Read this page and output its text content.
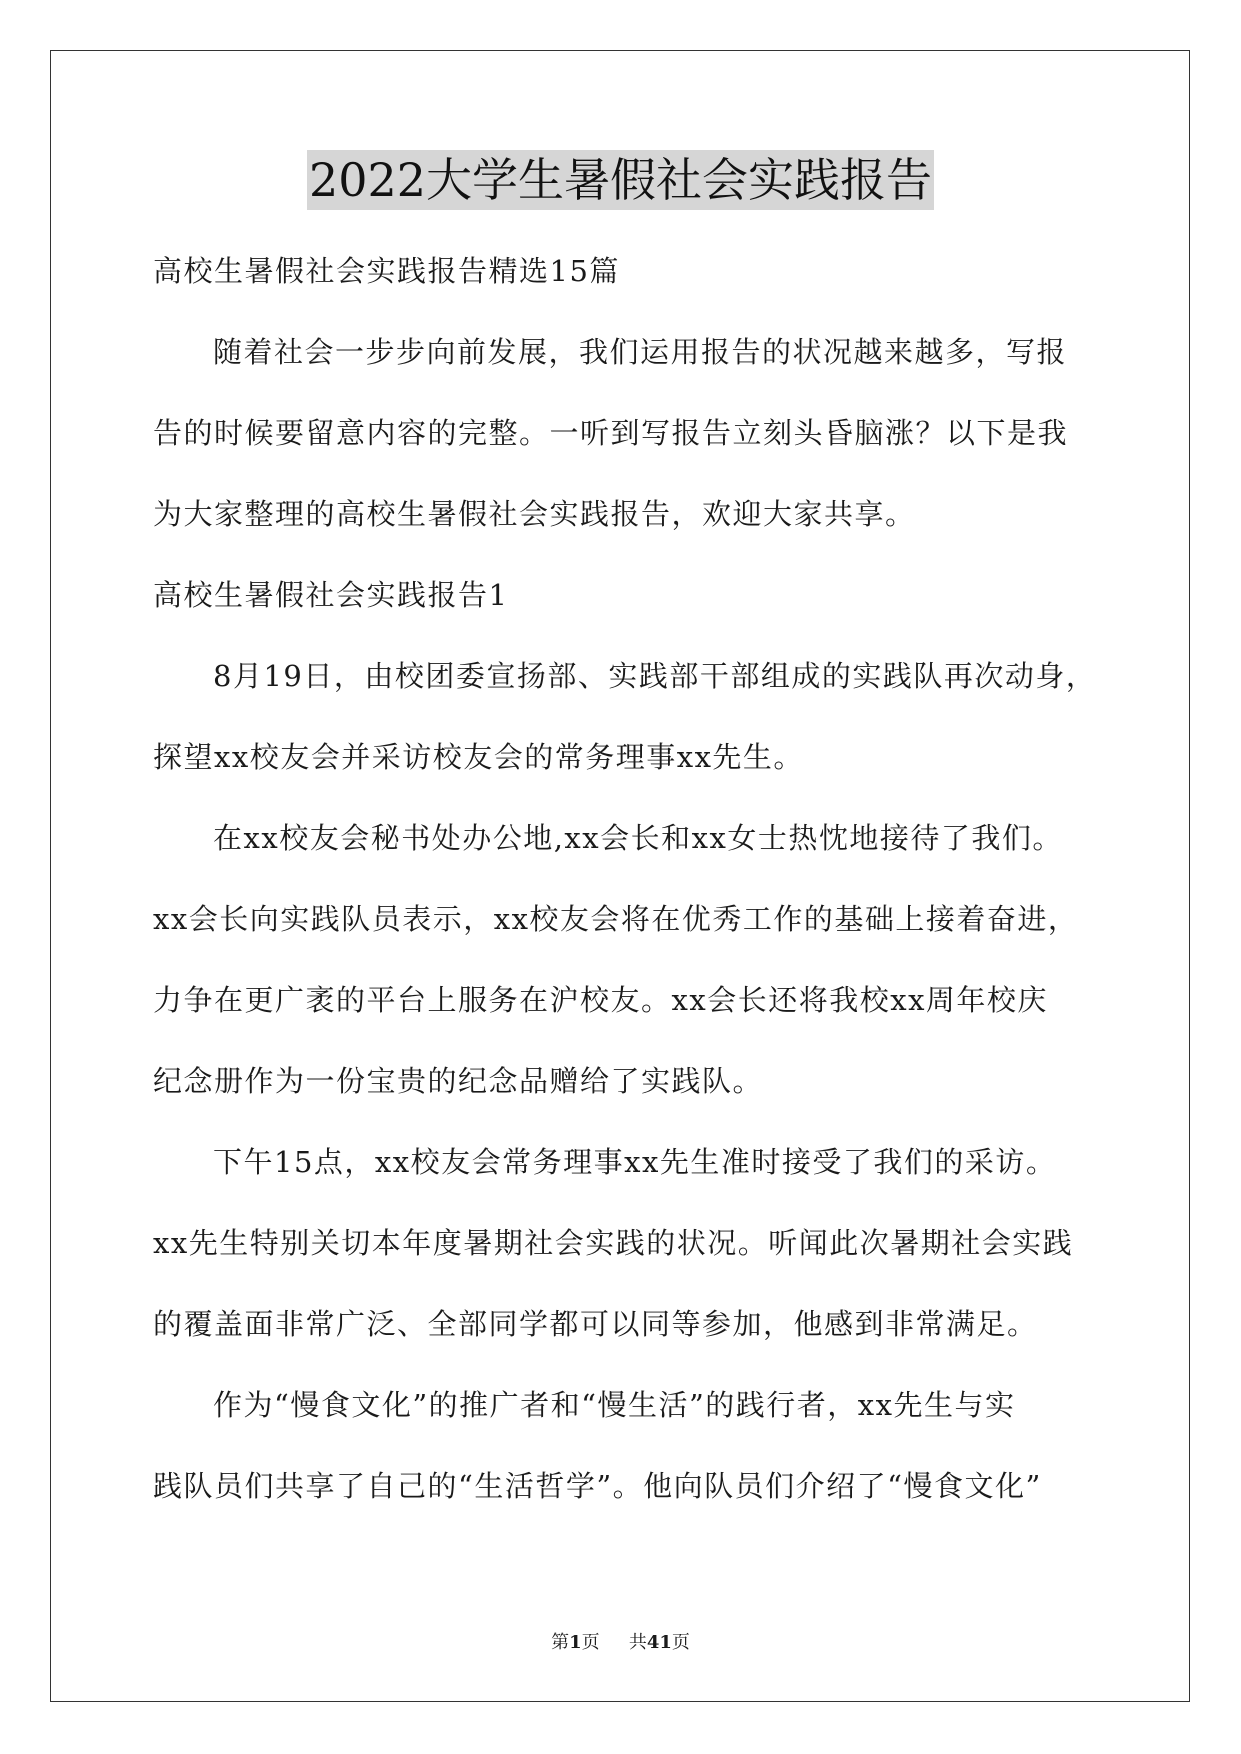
2022大学生暑假社会实践报告
高校生暑假社会实践报告精选15篇
随着社会一步步向前发展，我们运用报告的状况越来越多，写报
告的时候要留意内容的完整。一听到写报告立刻头昏脑涨？以下是我
为大家整理的高校生暑假社会实践报告，欢迎大家共享。
高校生暑假社会实践报告1
8月19日，由校团委宣扬部、实践部干部组成的实践队再次动身，
探望xx校友会并采访校友会的常务理事xx先生。
在xx校友会秘书处办公地,xx会长和xx女士热忱地接待了我们。
xx会长向实践队员表示，xx校友会将在优秀工作的基础上接着奋进，
力争在更广袤的平台上服务在沪校友。xx会长还将我校xx周年校庆
纪念册作为一份宝贵的纪念品赠给了实践队。
下午15点，xx校友会常务理事xx先生准时接受了我们的采访。
xx先生特别关切本年度暑期社会实践的状况。听闻此次暑期社会实践
的覆盖面非常广泛、全部同学都可以同等参加，他感到非常满足。
作为“慢食文化”的推广者和“慢生活”的践行者，xx先生与实
践队员们共享了自己的“生活哲学”。他向队员们介绍了“慢食文化”
第1页 共41页
